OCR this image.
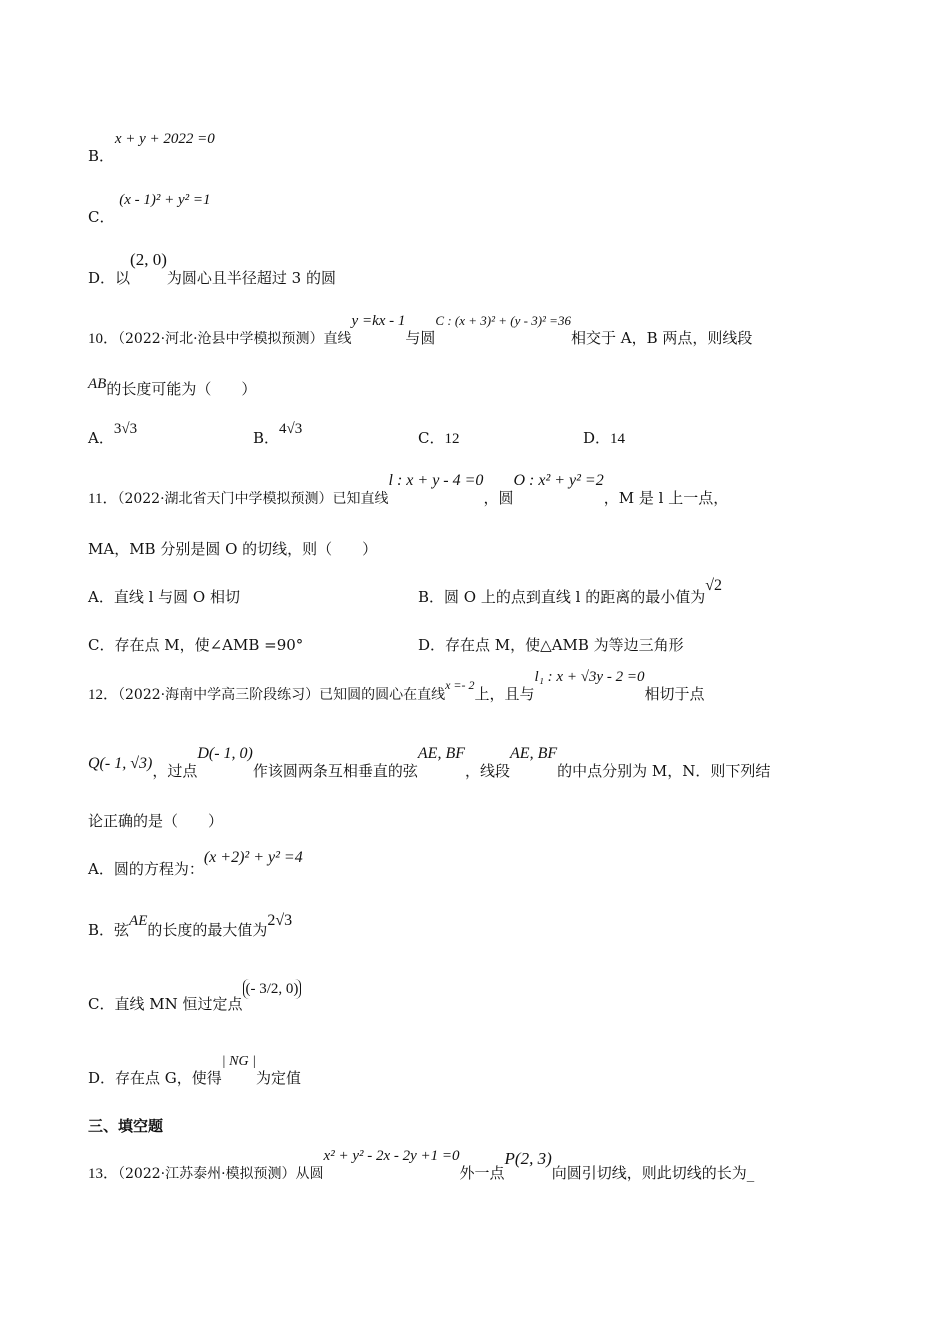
B． x + y + 2022 =0
C． (x - 1)² + y² =1
D．以(2, 0)为圆心且半径超过 3 的圆
10．（2022·河北·沧县中学模拟预测）直线y =kx - 1与圆C : (x + 3)² + (y - 3)² =36相交于 A，B 两点，则线段
AB的长度可能为（　　）
A．3√3	B．4√3	C．12	D．14
11．（2022·湖北省天门中学模拟预测）已知直线l : x + y - 4 =0，圆O : x² + y² =2，M 是 l 上一点，
MA，MB 分别是圆 O 的切线，则（　　）
A．直线 l 与圆 O 相切	B．圆 O 上的点到直线 l 的距离的最小值为√2
C．存在点 M，使∠AMB =90°	D．存在点 M，使△AMB 为等边三角形
12．（2022·海南中学高三阶段练习）已知圆的圆心在直线$^{x =- 2}$上，且与l₁ : x + √3y - 2 =0相切于点
Q(- 1, √3)，过点D(- 1, 0)作该圆两条互相垂直的弦AE, BF，线段AE, BF的中点分别为 M，N．则下列结
论正确的是（　　）
A．圆的方程为：(x +2)² + y² =4
B．弦AE的长度的最大值为2√3
C．直线 MN 恒过定点(- 3/2, 0)
D．存在点 G，使得| NG |为定值
三、填空题
13．（2022·江苏泰州·模拟预测）从圆x² + y² - 2x - 2y +1 =0外一点P(2, 3)向圆引切线，则此切线的长为_
